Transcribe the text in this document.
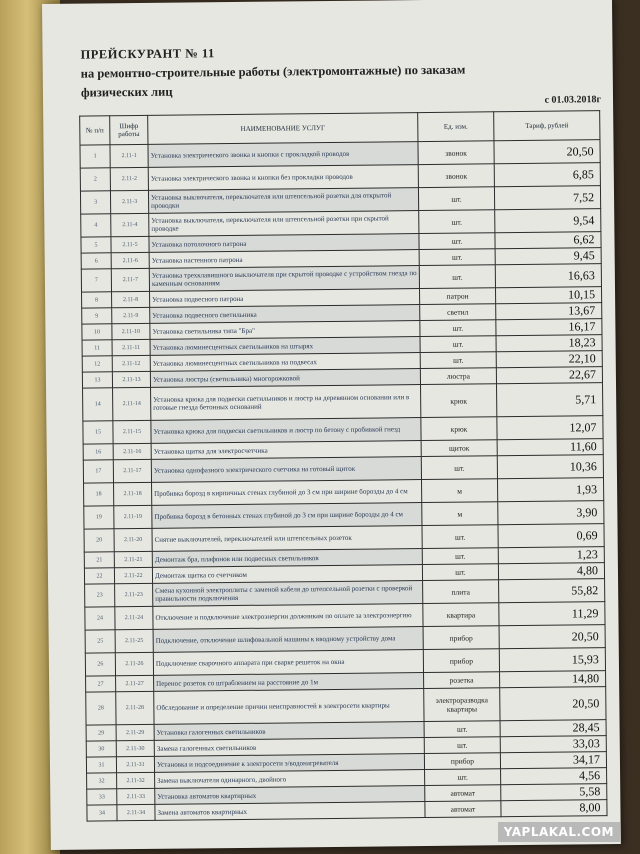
ПРЕЙСКУРАНТ № 11
на ремонтно-строительные работы (электромонтажные) по заказам
физических лиц
с 01.03.2018г
№ п/п	Шифр работы	НАИМЕНОВАНИЕ УСЛУГ	Ед. изм.	Тариф, рублей
1	2.11-1	Установка электрического звонка и кнопки с прокладкой проводов	звонок	20,50
2	2.11-2	Установка электрического звонка и кнопки без прокладки проводов	звонок	6,85
3	2.11-3	Установка выключателя, переключателя или штепсельной розетки для открытой проводки	шт.	7,52
4	2.11-4	Установка выключателя, переключателя или штепсельной розетки при скрытой проводке	шт.	9,54
5	2.11-5	Установка потолочного патрона	шт.	6,62
6	2.11-6	Установка настенного патрона	шт.	9,45
7	2.11-7	Установка трехклавишного выключателя при скрытой проводке с устройством гнезда по каменным основаниям	шт.	16,63
8	2.11-8	Установка подвесного патрона	патрон	10,15
9	2.11-9	Установка подвесного светильника	светил	13,67
10	2.11-10	Установка светильника типа "Бра"	шт.	16,17
11	2.11-11	Установка люминесцентных светильников на штырях	шт.	18,23
12	2.11-12	Установка люминесцентных светильников на подвесах	шт.	22,10
13	2.11-13	Установка люстры (светильника) многорожковой	люстра	22,67
14	2.11-14	Установка крюка для подвески светильников и люстр на деревянном основании или в готовые гнезда бетонных оснований	крюк	5,71
15	2.11-15	Установка крюка для подвески светильников и люстр по бетону с пробивкой гнезд	крюк	12,07
16	2.11-16	Установка щитка для электросчетчика	щиток	11,60
17	2.11-17	Установка однофазного электрического счетчика на готовый щиток	шт.	10,36
18	2.11-18	Пробивка борозд в кирпичных стенах глубиной до 3 см при ширине борозды до 4 см	м	1,93
19	2.11-19	Пробивка борозд в бетонных стенах глубиной до 3 см при ширине борозды до 4 см	м	3,90
20	2.11-20	Снятие выключателей, переключателей или штепсельных розеток	шт.	0,69
21	2.11-21	Демонтаж бра, плафонов или подвесных светильников	шт.	1,23
22	2.11-22	Демонтаж щитка со счетчиком	шт.	4,80
23	2.11-23	Смена кухонной электроплиты с заменой кабеля до штепсельной розетки с проверкой правильности подключения	плита	55,82
24	2.11-24	Отключение и подключение электроэнергии должникам по оплате за электроэнергию	квартира	11,29
25	2.11-25	Подключение, отключение шлифовальной машины к вводному устройству дома	прибор	20,50
26	2.11-26	Подключение сварочного аппарата при сварке решеток на окна	прибор	15,93
27	2.11-27	Перенос розеток со штраблением на расстояние до 1м	розетка	14,80
28	2.11-28	Обследование и определение причин неисправностей в электросети квартиры	электроразводка квартиры	20,50
29	2.11-29	Установка галогенных светильников	шт.	28,45
30	2.11-30	Замена галогенных светильников	шт.	33,03
31	2.11-31	Установка и подсоединение к электросети э/водонагревателя	прибор	34,17
32	2.11-32	Замена выключателя одинарного, двойного	шт.	4,56
33	2.11-33	Установка автоматов квартирных	автомат	5,58
34	2.11-34	Замена автоматов квартирных	автомат	8,00
YAPLAKAL.COM
